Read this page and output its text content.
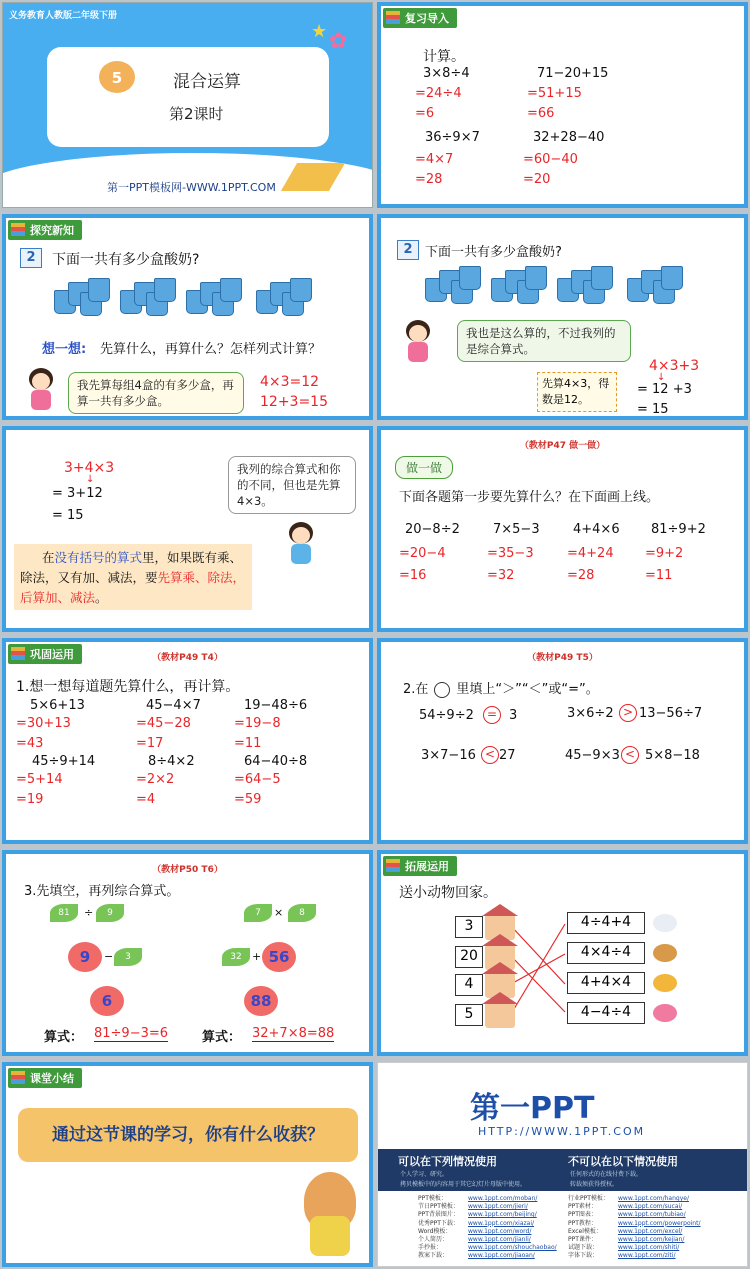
义务教育人教版二年级下册
5	混合运算
第2课时
第一PPT模板网-WWW.1PPT.COM
★ ✿
复习导入
计算。
3×8÷4
=24÷4
=6
71−20+15
=51+15
=66
36÷9×7
=4×7
=28
32+28−40
=60−40
=20
探究新知
2	下面一共有多少盒酸奶?
想一想: 先算什么，再算什么？怎样列式计算？
我先算每组4盒的有多少盒，再算一共有多少盒。
4×3=12
12+3=15
2 下面一共有多少盒酸奶?
我也是这么算的，不过我列的是综合算式。
先算4×3，得数是12。
4×3+3
↓
= 12 +3
= 15
3+4×3
↓
= 3+12
= 15
我列的综合算式和你的不同，但也是先算4×3。
在没有括号的算式里，如果既有乘、除法，又有加、减法，要先算乘、除法，后算加、减法。
（教材P47 做一做）
做一做
下面各题第一步要先算什么？在下面画上线。
20−8÷2
=20−4
=16
7×5−3
=35−3
=32
4+4×6
=4+24
=28
81÷9+2
=9+2
=11
巩固运用	（教材P49 T4）
1.想一想每道题先算什么，再计算。
5×6+13
=30+13
=43
45−4×7
=45−28
=17
19−48÷6
=19−8
=11
45÷9+14
=5+14
=19
8÷4×2
=2×2
=4
64−40÷8
=64−5
=59
（教材P49 T5）
2.在 里填上“＞”“＜”或“=”。
54÷9÷2	= 3	3×6÷2 > 13−56÷7
3×7−16 < 27	45−9×3 < 5×8−18
（教材P50 T6）
3.先填空，再列综合算式。
81	÷	9
9	−	3
6
7	×	8
32 + 56
88
算式： 81÷9−3=6	算式： 32+7×8=88
拓展运用
送小动物回家。
3
20
4
5
4÷4+4
4×4÷4
4+4×4
4−4÷4
课堂小结
通过这节课的学习，你有什么收获？
第一PPT
HTTP://WWW.1PPT.COM
可以在下列情况使用
个人学习、研究。
拷贝模板中的内容用于其它幻灯片母版中使用。
不可以在以下情况使用
任何形式的在线付费下载。
转载须获得授权。
PPT模板：	www.1ppt.com/moban/
节日PPT模板： www.1ppt.com/jieri/
PPT背景图片： www.1ppt.com/beijing/
优秀PPT下载： www.1ppt.com/xiazai/
Word模板：	www.1ppt.com/word/
个人简历：	www.1ppt.com/jianli/
手抄报：	www.1ppt.com/shouchaobao/
教案下载：	www.1ppt.com/jiaoan/
行业PPT模板： www.1ppt.com/hangye/
PPT素材：	www.1ppt.com/sucai/
PPT图表：	www.1ppt.com/tubiao/
PPT教程：	www.1ppt.com/powerpoint/
Excel模板：	www.1ppt.com/excel/
PPT课件：	www.1ppt.com/kejian/
试题下载：	www.1ppt.com/shiti/
字体下载：	www.1ppt.com/ziti/
